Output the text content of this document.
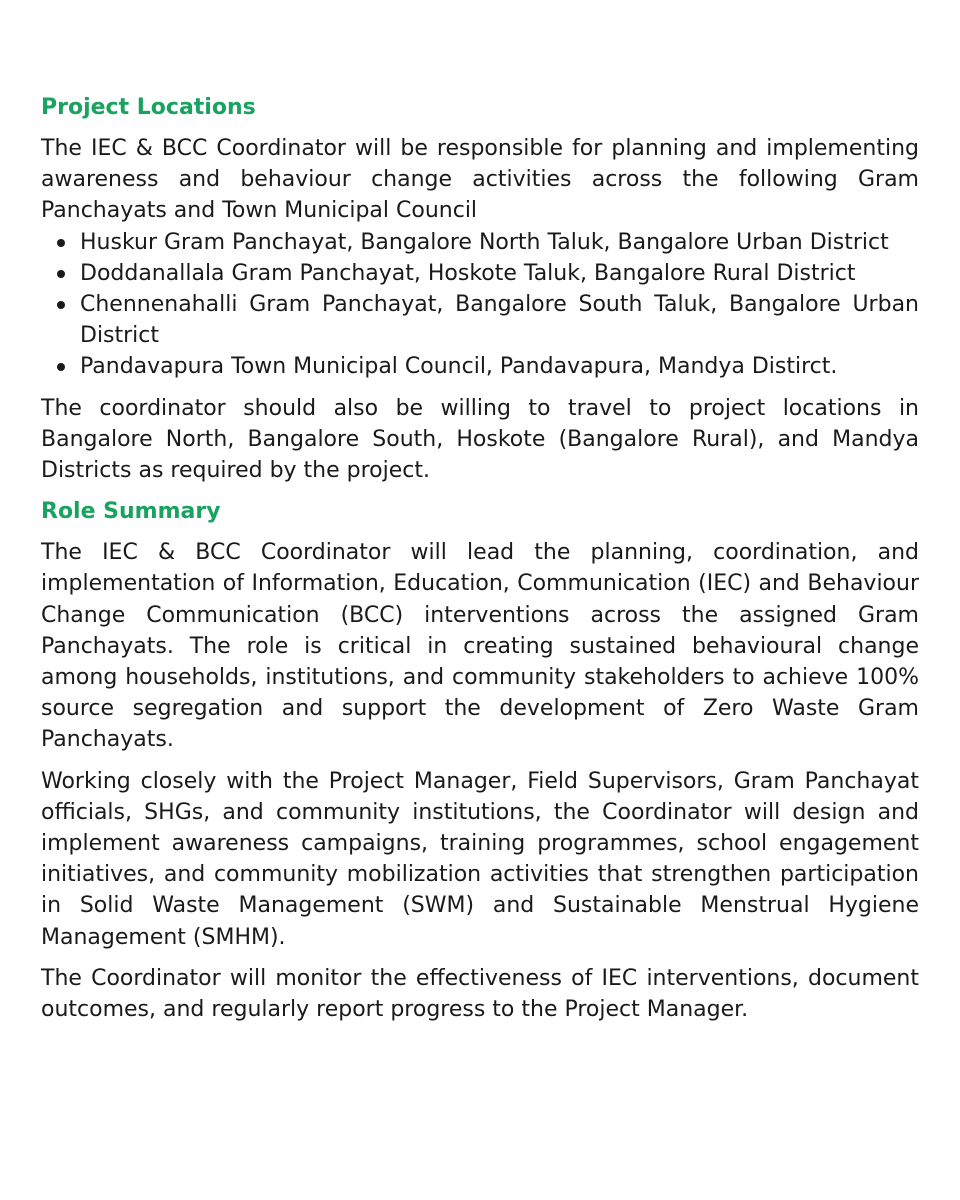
Project Locations

The IEC & BCC Coordinator will be responsible for planning and implementing awareness and behaviour change activities across the following Gram Panchayats and Town Municipal Council

Huskur Gram Panchayat, Bangalore North Taluk, Bangalore Urban District
Doddanallala Gram Panchayat, Hoskote Taluk, Bangalore Rural District
Chennenahalli Gram Panchayat, Bangalore South Taluk, Bangalore Urban District
Pandavapura Town Municipal Council, Pandavapura, Mandya Distirct.

The coordinator should also be willing to travel to project locations in Bangalore North, Bangalore South, Hoskote (Bangalore Rural), and Mandya Districts as required by the project.

Role Summary

The IEC & BCC Coordinator will lead the planning, coordination, and implementation of Information, Education, Communication (IEC) and Behaviour Change Communication (BCC) interventions across the assigned Gram Panchayats. The role is critical in creating sustained behavioural change among households, institutions, and community stakeholders to achieve 100% source segregation and support the development of Zero Waste Gram Panchayats.

Working closely with the Project Manager, Field Supervisors, Gram Panchayat officials, SHGs, and community institutions, the Coordinator will design and implement awareness campaigns, training programmes, school engagement initiatives, and community mobilization activities that strengthen participation in Solid Waste Management (SWM) and Sustainable Menstrual Hygiene Management (SMHM).

The Coordinator will monitor the effectiveness of IEC interventions, document outcomes, and regularly report progress to the Project Manager.
